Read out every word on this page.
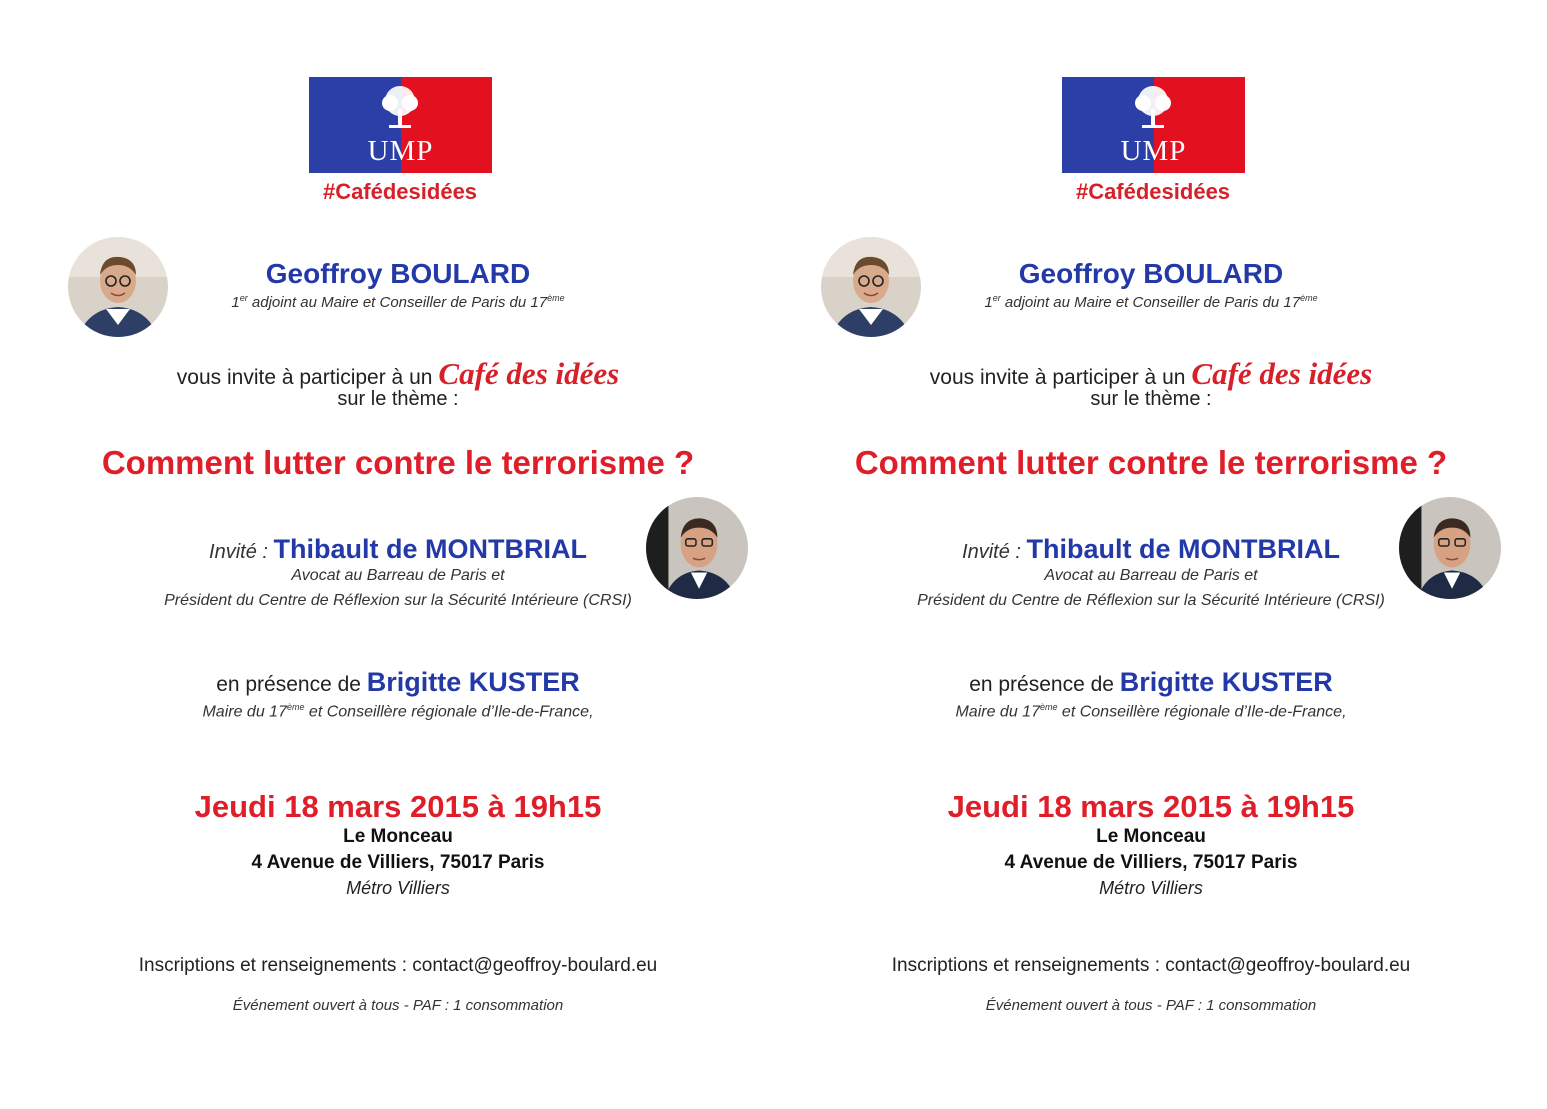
UMP
#Cafédesidées
Geoffroy BOULARD
1er adjoint au Maire et Conseiller de Paris du 17ème
vous invite à participer à un Café des idées
sur le thème :
Comment lutter contre le terrorisme ?
Invité : Thibault de MONTBRIAL
Avocat au Barreau de Paris et
Président du Centre de Réflexion sur la Sécurité Intérieure (CRSI)
en présence de Brigitte KUSTER
Maire du 17ème et Conseillère régionale d’Ile-de-France,
Jeudi 18 mars 2015 à 19h15
Le Monceau
4 Avenue de Villiers, 75017 Paris
Métro Villiers
Inscriptions et renseignements : contact@geoffroy-boulard.eu
Événement ouvert à tous - PAF : 1 consommation
UMP
#Cafédesidées
Geoffroy BOULARD
1er adjoint au Maire et Conseiller de Paris du 17ème
vous invite à participer à un Café des idées
sur le thème :
Comment lutter contre le terrorisme ?
Invité : Thibault de MONTBRIAL
Avocat au Barreau de Paris et
Président du Centre de Réflexion sur la Sécurité Intérieure (CRSI)
en présence de Brigitte KUSTER
Maire du 17ème et Conseillère régionale d’Ile-de-France,
Jeudi 18 mars 2015 à 19h15
Le Monceau
4 Avenue de Villiers, 75017 Paris
Métro Villiers
Inscriptions et renseignements : contact@geoffroy-boulard.eu
Événement ouvert à tous - PAF : 1 consommation
